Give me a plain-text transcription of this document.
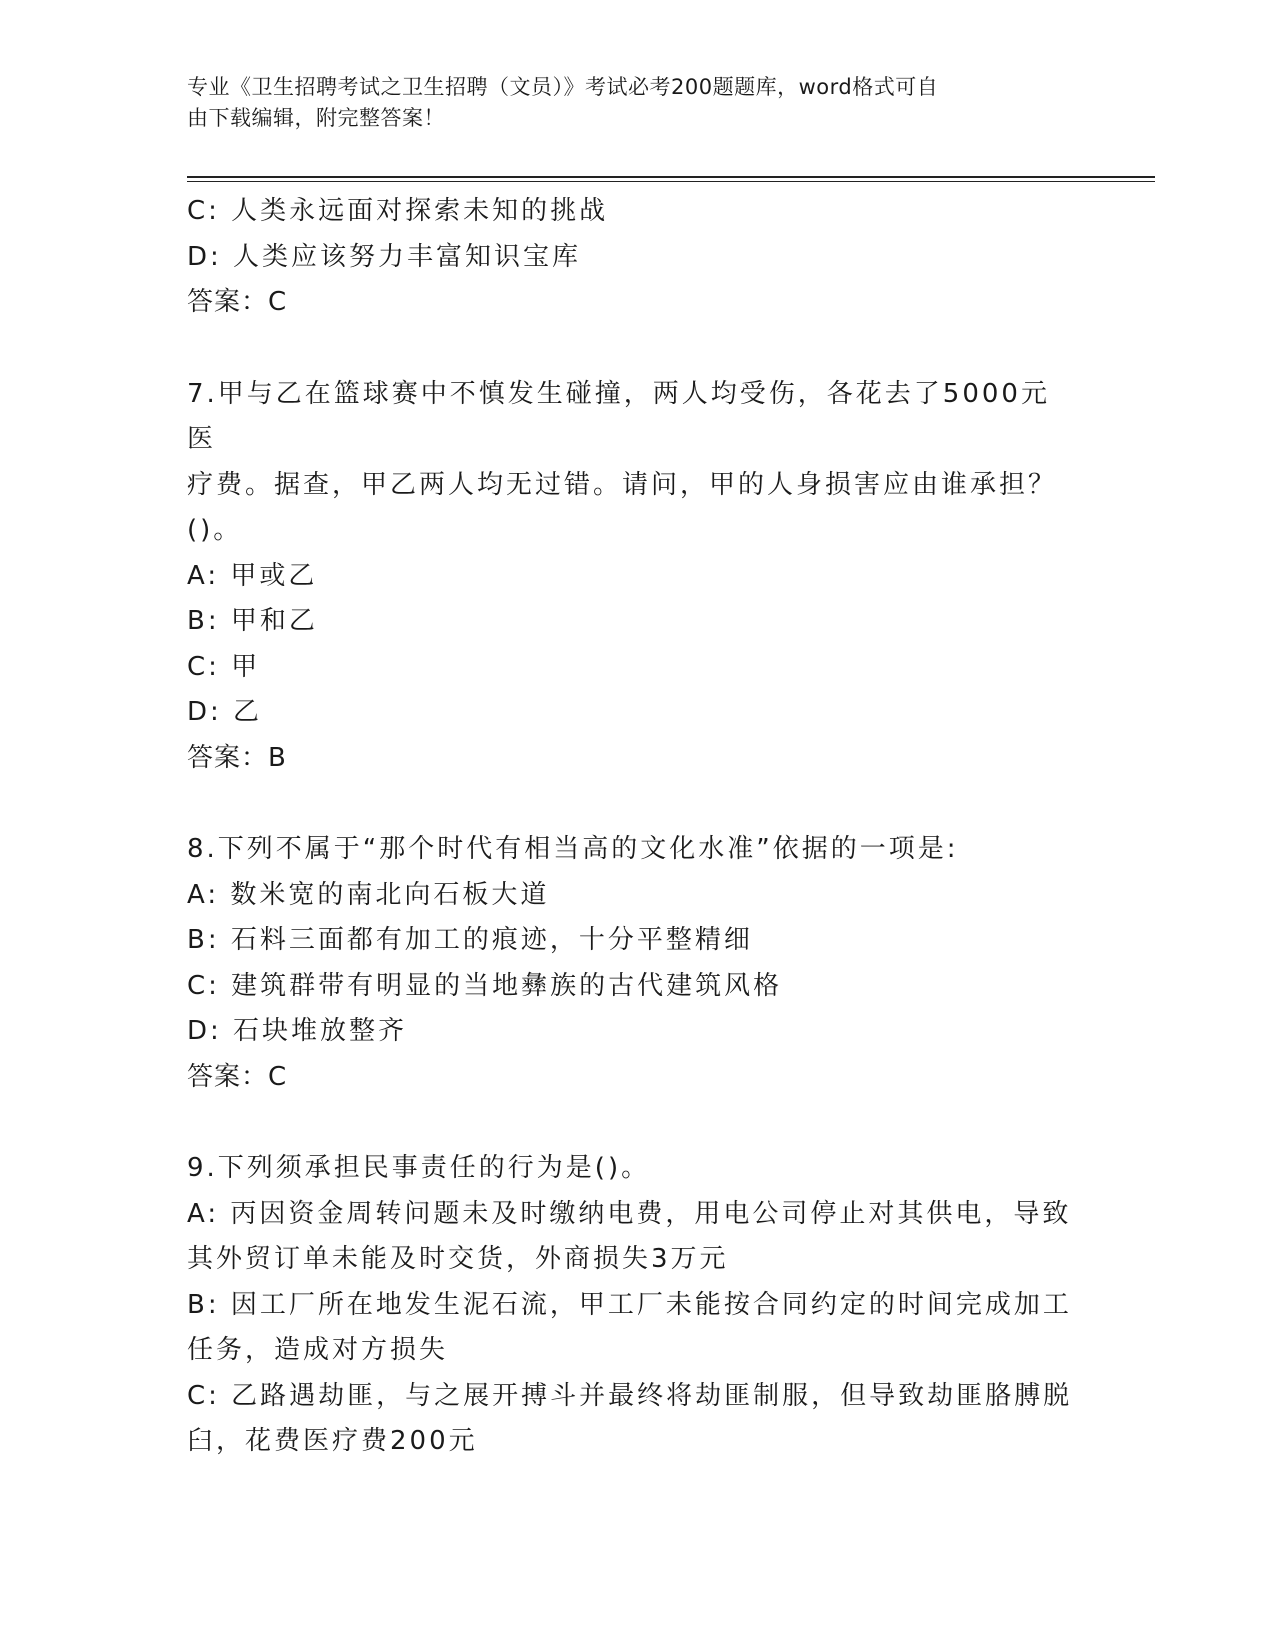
专业《卫生招聘考试之卫生招聘（文员）》考试必考200题题库，word格式可自
由下载编辑，附完整答案！
C: 人类永远面对探索未知的挑战
D: 人类应该努力丰富知识宝库
答案：C
7.甲与乙在篮球赛中不慎发生碰撞，两人均受伤，各花去了5000元医
疗费。据查，甲乙两人均无过错。请问，甲的人身损害应由谁承担？
()。
A: 甲或乙
B: 甲和乙
C: 甲
D: 乙
答案：B
8.下列不属于“那个时代有相当高的文化水准”依据的一项是:
A: 数米宽的南北向石板大道
B: 石料三面都有加工的痕迹，十分平整精细
C: 建筑群带有明显的当地彝族的古代建筑风格
D: 石块堆放整齐
答案：C
9.下列须承担民事责任的行为是()。
A: 丙因资金周转问题未及时缴纳电费，用电公司停止对其供电，导致
其外贸订单未能及时交货，外商损失3万元
B: 因工厂所在地发生泥石流，甲工厂未能按合同约定的时间完成加工
任务，造成对方损失
C: 乙路遇劫匪，与之展开搏斗并最终将劫匪制服，但导致劫匪胳膊脱
臼，花费医疗费200元
